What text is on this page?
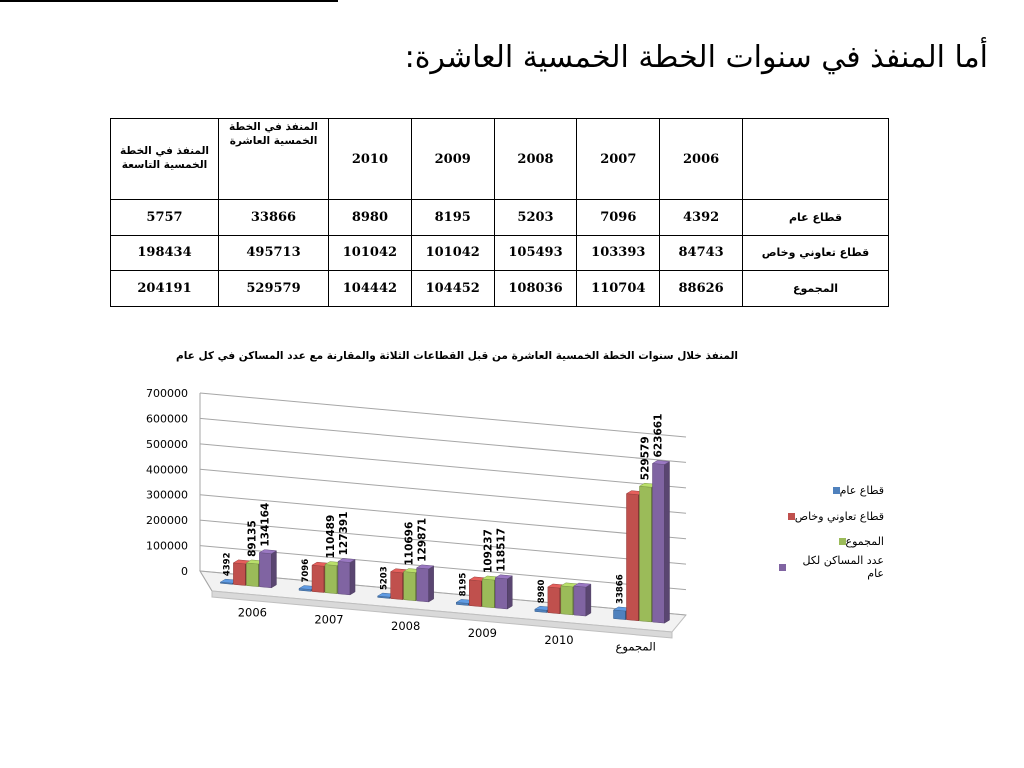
أما المنفذ في سنوات الخطة الخمسية العاشرة:
	2006	2007	2008	2009	2010	المنفذ في الخطة الخمسية العاشرة	المنفذ في الخطة الخمسية التاسعة
قطاع عام	4392	7096	5203	8195	8980	33866	5757
قطاع تعاوني وخاص	84743	103393	105493	101042	101042	495713	198434
المجموع	88626	110704	108036	104452	104442	529579	204191
المنفذ خلال سنوات الخطة الخمسية العاشرة من قبل القطاعات الثلاثة والمقارنة مع عدد المساكن في كل عام
700000
600000
500000
400000
300000
200000
100000
0	4392
89135 134164
2006
7096
110489 127391
2007
5203
110696 129871
2008
8195
109237 118517
2009
8980
2010
33866
529579
623661
المجموع
قطاع عام
قطاع تعاوني وخاص
المجموع
عدد المساكن لكل عام
